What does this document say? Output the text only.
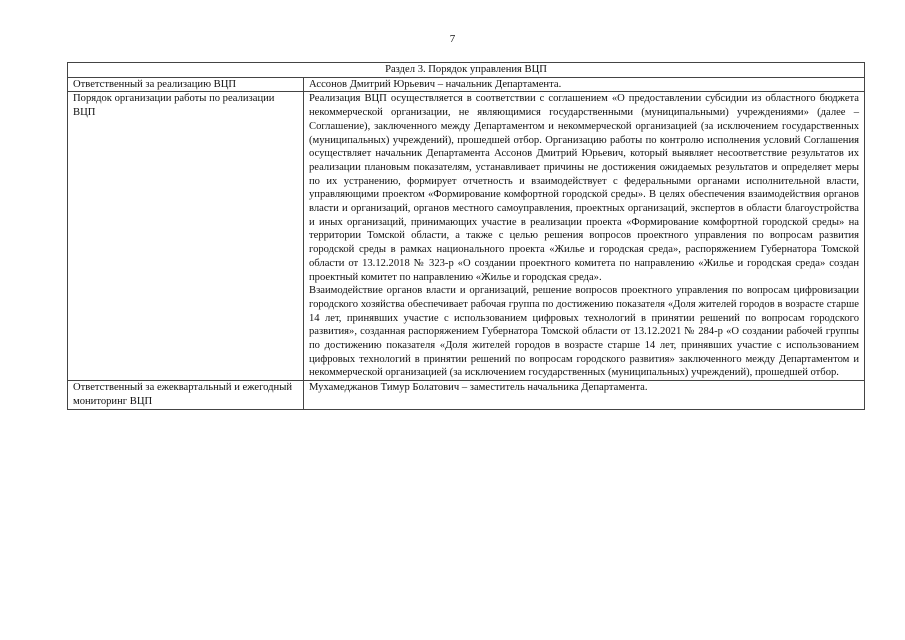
7
Раздел 3. Порядок управления ВЦП	
Ответственный за реализацию ВЦП	Ассонов Дмитрий Юрьевич – начальник Департамента.

Порядок организации работы по реализации ВЦП	Реализация ВЦП осуществляется в соответствии с соглашением «О предоставлении субсидии из областного бюджета некоммерческой организации, не являющимися государственными (муниципальными) учреждениями» (далее – Соглашение), заключенного между Департаментом и некоммерческой организацией (за исключением государственных (муниципальных) учреждений), прошедшей отбор. Организацию работы по контролю исполнения условий Соглашения осуществляет начальник Департамента Ассонов Дмитрий Юрьевич, который выявляет несоответствие результатов их реализации плановым показателям, устанавливает причины не достижения ожидаемых результатов и определяет меры по их устранению, формирует отчетность и взаимодействует с федеральными органами исполнительной власти, управляющими проектом «Формирование комфортной городской среды». В целях обеспечения взаимодействия органов власти и организаций, органов местного самоуправления, проектных организаций, экспертов в области благоустройства и иных организаций, принимающих участие в реализации проекта «Формирование комфортной городской среды» на территории Томской области, а также с целью решения вопросов проектного управления по вопросам развития городской среды в рамках национального проекта «Жилье и городская среда», распоряжением Губернатора Томской области от 13.12.2018 № 323-р «О создании проектного комитета по направлению «Жилье и городская среда» создан проектный комитет по направлению «Жилье и городская среда».
Взаимодействие органов власти и организаций, решение вопросов проектного управления по вопросам цифровизации городского хозяйства обеспечивает рабочая группа по достижению показателя «Доля жителей городов в возрасте старше 14 лет, принявших участие с использованием цифровых технологий в принятии решений по вопросам городского развития», созданная распоряжением Губернатора Томской области от 13.12.2021 № 284-р «О создании рабочей группы по достижению показателя «Доля жителей городов в возрасте старше 14 лет, принявших участие с использованием цифровых технологий в принятии решений по вопросам городского развития» заключенного между Департаментом и некоммерческой организацией (за исключением государственных (муниципальных) учреждений), прошедшей отбор.

Ответственный за ежеквартальный и ежегодный мониторинг ВЦП	Мухамеджанов Тимур Болатович – заместитель начальника Департамента.
